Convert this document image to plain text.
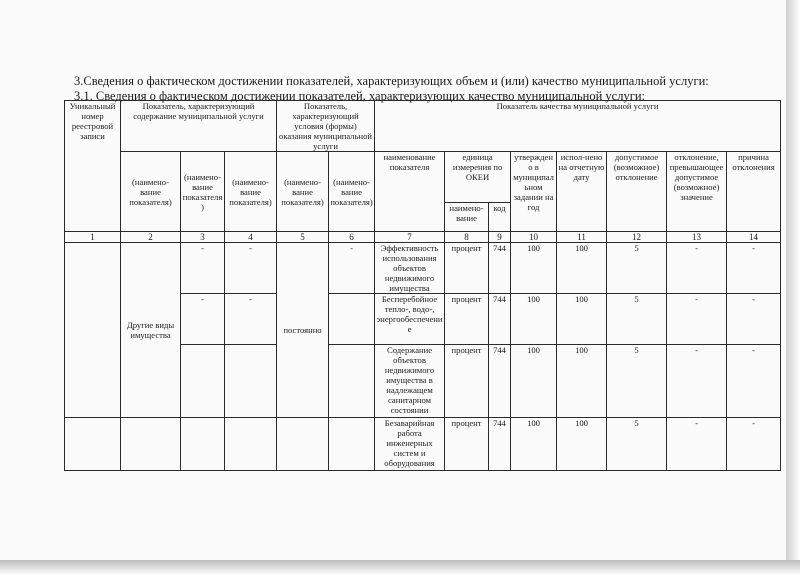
3.Сведения о фактическом достижении показателей, характеризующих объем и (или) качество муниципальной услуги:
3.1. Сведения о фактическом достижении показателей, характеризующих качество муниципальной услуги:
Уникальный номер реестровой записи	Показатель, характеризующий содержание муниципальной услуги			Показатель, характеризующий условия (формы) оказания муниципальной услуги		Показатель качества муниципальной услуги							
	(наимено-вание показателя)	(наимено-вание показателя)	(наимено-вание показателя)	(наимено-вание показателя)	(наимено-вание показателя)	наименование показателя	единица измерения по ОКЕИ		утверждено в муниципальном задании на год	испол-нено на отчетную дату	допустимое (возможное) отклонение	отклонение, превышающее допустимое (возможное) значение	причина отклонения
							наимено-вание	код					
1	2	3	4	5	6	7	8	9	10	11	12	13	14
	Другие виды имущества	-	-	постоянно	-	Эффективность использования объектов недвижимого имущества	процент	744	100	100	5	-	-
		-	-			Бесперебойное тепло-, водо-, энергообеспечение	процент	744	100	100	5	-	-
						Содержание объектов недвижимого имущества в надлежащем санитарном состоянии	процент	744	100	100	5	-	-
						Безаварийная работа инженерных систем и оборудования	процент	744	100	100	5	-	-
